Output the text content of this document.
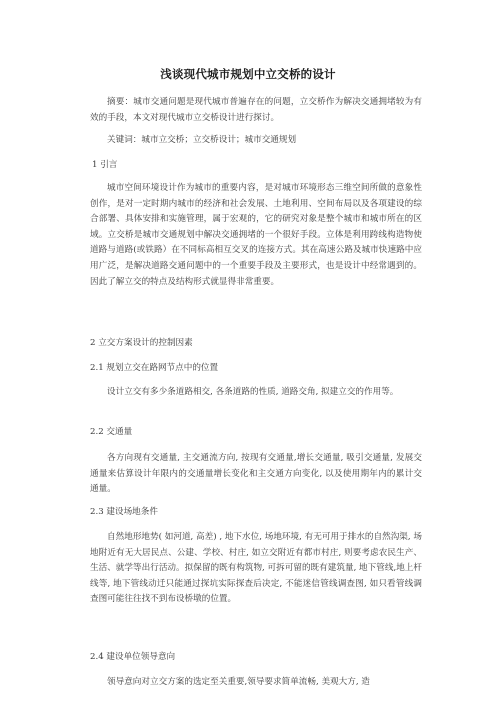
浅谈现代城市规划中立交桥的设计

摘要：城市交通问题是现代城市普遍存在的问题，立交桥作为解决交通拥堵较为有效的手段，本文对现代城市立交桥设计进行探讨。

关键词：城市立交桥；立交桥设计；城市交通规划

1 引言

城市空间环境设计作为城市的重要内容，是对城市环境形态三维空间所做的意象性创作，是对一定时期内城市的经济和社会发展、土地利用、空间布局以及各项建设的综合部署、具体安排和实施管理，属于宏观的，它的研究对象是整个城市和城市所在的区域。立交桥是城市交通规划中解决交通拥堵的一个很好手段。立体是利用跨线构造物使道路与道路(或铁路）在不同标高相互交叉的连接方式。其在高速公路及城市快速路中应用广泛，是解决道路交通问题中的一个重要手段及主要形式，也是设计中经常遇到的。因此了解立交的特点及结构形式就显得非常重要。

2 立交方案设计的控制因素

2.1 规划立交在路网节点中的位置

设计立交有多少条道路相交, 各条道路的性质, 道路交角, 拟建立交的作用等。

2.2 交通量

各方向现有交通量, 主交通流方向, 按现有交通量,增长交通量, 吸引交通量, 发展交通量来估算设计年限内的交通量增长变化和主交通方向变化, 以及使用期年内的累计交通量。

2.3 建设场地条件

自然地形地势( 如河道, 高差) , 地下水位, 场地环境, 有无可用于排水的自然沟渠, 场地附近有无大居民点、公建、学校、村庄, 如立交附近有都市村庄, 则要考虑农民生产、生活、就学等出行活动。拟保留的既有构筑物, 可拆可留的既有建筑量, 地下管线,地上杆线等, 地下管线动迁只能通过探坑实际探查后决定, 不能迷信管线调查图, 如只看管线调查图可能往往找不到布设桥墩的位置。

2.4 建设单位领导意向

领导意向对立交方案的选定至关重要,领导要求简单流畅, 美观大方, 造
